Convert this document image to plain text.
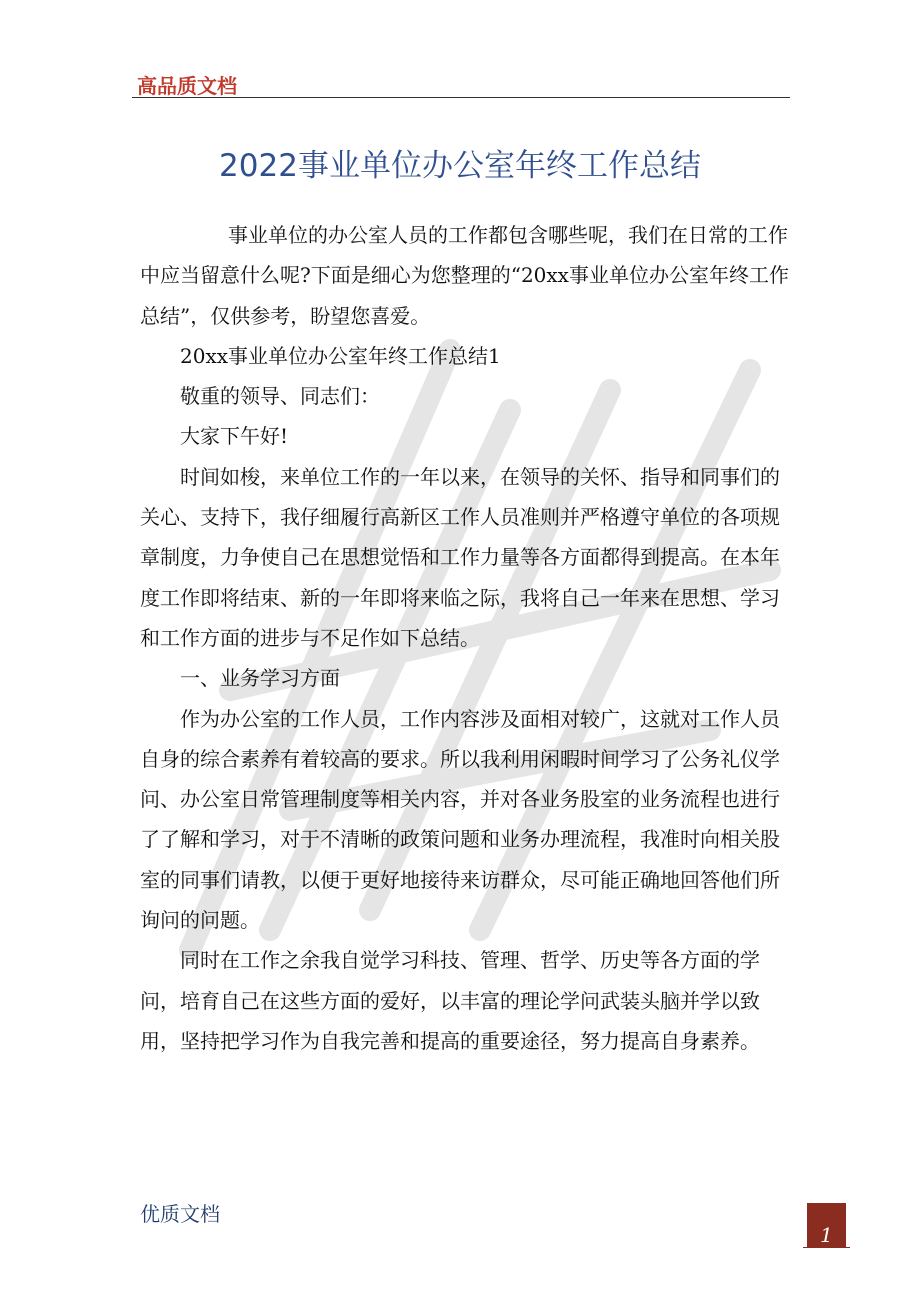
高品质文档
2022事业单位办公室年终工作总结

事业单位的办公室人员的工作都包含哪些呢，我们在日常的工作中应当留意什么呢?下面是细心为您整理的“20xx事业单位办公室年终工作总结”，仅供参考，盼望您喜爱。

20xx事业单位办公室年终工作总结1

敬重的领导、同志们：

大家下午好!

时间如梭，来单位工作的一年以来，在领导的关怀、指导和同事们的关心、支持下，我仔细履行高新区工作人员准则并严格遵守单位的各项规章制度，力争使自己在思想觉悟和工作力量等各方面都得到提高。在本年度工作即将结束、新的一年即将来临之际，我将自己一年来在思想、学习和工作方面的进步与不足作如下总结。

一、业务学习方面

作为办公室的工作人员，工作内容涉及面相对较广，这就对工作人员自身的综合素养有着较高的要求。所以我利用闲暇时间学习了公务礼仪学问、办公室日常管理制度等相关内容，并对各业务股室的业务流程也进行了了解和学习，对于不清晰的政策问题和业务办理流程，我准时向相关股室的同事们请教，以便于更好地接待来访群众，尽可能正确地回答他们所询问的问题。

同时在工作之余我自觉学习科技、管理、哲学、历史等各方面的学问，培育自己在这些方面的爱好，以丰富的理论学问武装头脑并学以致用，坚持把学习作为自我完善和提高的重要途径，努力提高自身素养。

优质文档
1
